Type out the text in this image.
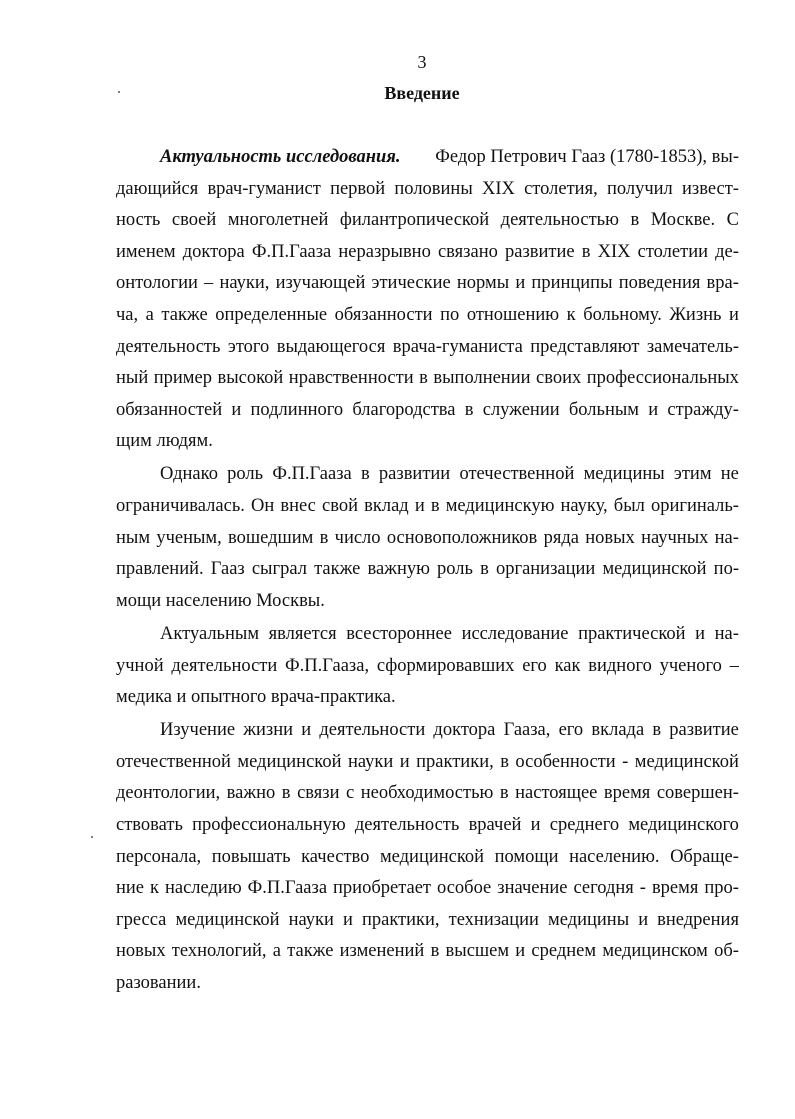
3
Введение
Актуальность исследования. Федор Петрович Гааз (1780-1853), вы-
дающийся врач-гуманист первой половины XIX столетия, получил извест-
ность своей многолетней филантропической деятельностью в Москве. С
именем доктора Ф.П.Гааза неразрывно связано развитие в XIX столетии де-
онтологии – науки, изучающей этические нормы и принципы поведения вра-
ча, а также определенные обязанности по отношению к больному. Жизнь и
деятельность этого выдающегося врача-гуманиста представляют замечатель-
ный пример высокой нравственности в выполнении своих профессиональных
обязанностей и подлинного благородства в служении больным и стражду-
щим людям.
Однако роль Ф.П.Гааза в развитии отечественной медицины этим не
ограничивалась. Он внес свой вклад и в медицинскую науку, был оригиналь-
ным ученым, вошедшим в число основоположников ряда новых научных на-
правлений. Гааз сыграл также важную роль в организации медицинской по-
мощи населению Москвы.
Актуальным является всестороннее исследование практической и на-
учной деятельности Ф.П.Гааза, сформировавших его как видного ученого –
медика и опытного врача-практика.
Изучение жизни и деятельности доктора Гааза, его вклада в развитие
отечественной медицинской науки и практики, в особенности - медицинской
деонтологии, важно в связи с необходимостью в настоящее время совершен-
ствовать профессиональную деятельность врачей и среднего медицинского
персонала, повышать качество медицинской помощи населению. Обраще-
ние к наследию Ф.П.Гааза приобретает особое значение сегодня - время про-
гресса медицинской науки и практики, технизации медицины и внедрения
новых технологий, а также изменений в высшем и среднем медицинском об-
разовании.
